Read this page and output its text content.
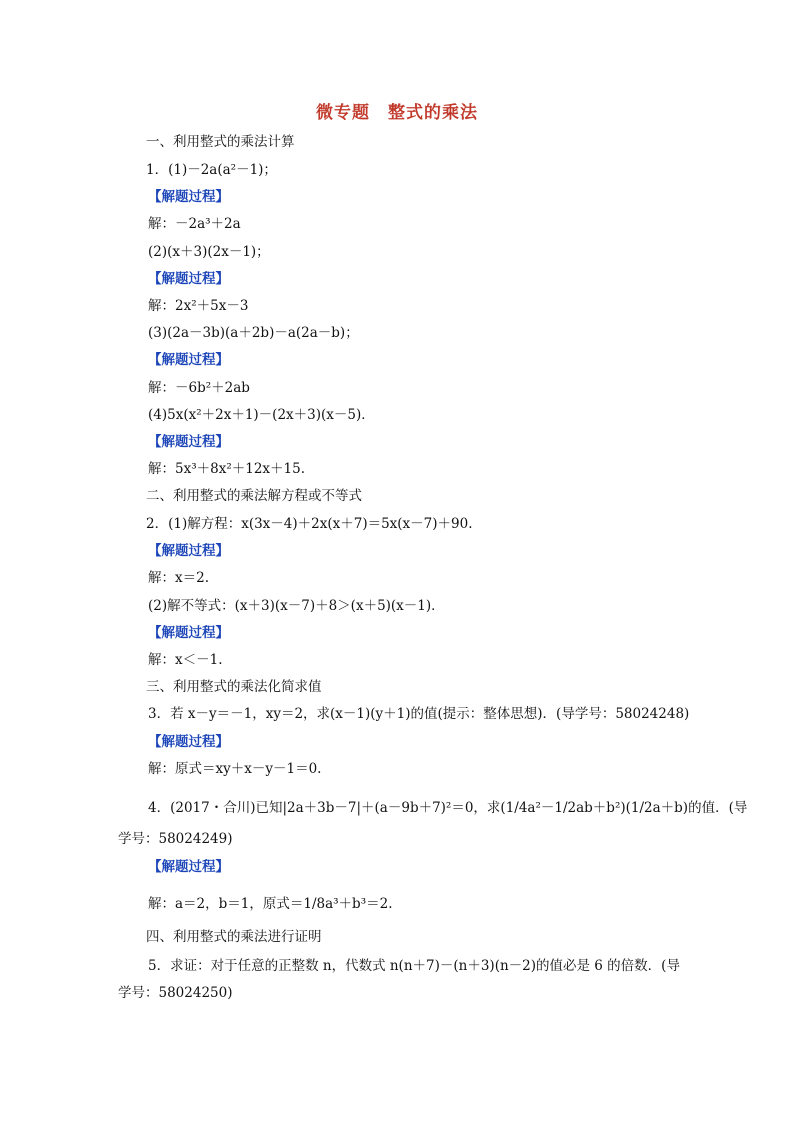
微专题　整式的乘法
一、利用整式的乘法计算
1．(1)－2a(a²－1)；
【解题过程】
解：－2a³＋2a
(2)(x＋3)(2x－1)；
【解题过程】
解：2x²＋5x－3
(3)(2a－3b)(a＋2b)－a(2a－b)；
【解题过程】
解：－6b²＋2ab
(4)5x(x²＋2x＋1)－(2x＋3)(x－5)．
【解题过程】
解：5x³＋8x²＋12x＋15.
二、利用整式的乘法解方程或不等式
2．(1)解方程：x(3x－4)＋2x(x＋7)＝5x(x－7)＋90.
【解题过程】
解：x＝2.
(2)解不等式：(x＋3)(x－7)＋8＞(x＋5)(x－1)．
【解题过程】
解：x＜－1.
三、利用整式的乘法化简求值
3．若 x－y＝－1，xy＝2，求(x－1)(y＋1)的值(提示：整体思想)．(导学号：58024248)
【解题过程】
解：原式＝xy＋x－y－1＝0.
4．(2017・合川)已知|2a＋3b－7|＋(a－9b＋7)²＝0，求(1/4a²－1/2ab＋b²)(1/2a＋b)的值．(导
学号：58024249)
【解题过程】
解：a＝2，b＝1，原式＝1/8a³＋b³＝2.
四、利用整式的乘法进行证明
5．求证：对于任意的正整数 n，代数式 n(n＋7)－(n＋3)(n－2)的值必是 6 的倍数．(导
学号：58024250)
